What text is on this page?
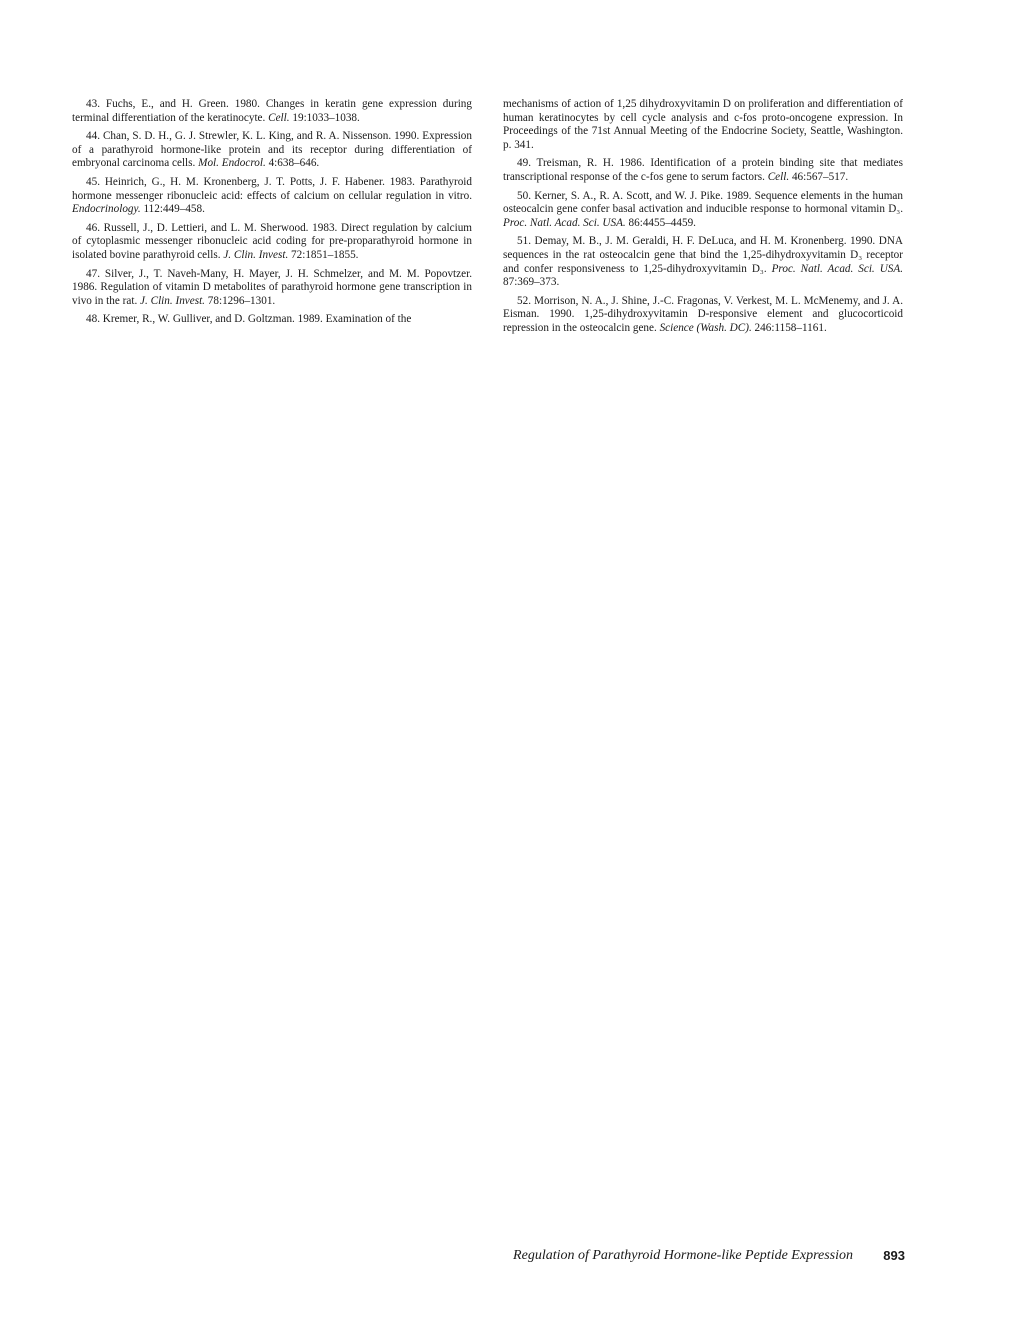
43. Fuchs, E., and H. Green. 1980. Changes in keratin gene expression during terminal differentiation of the keratinocyte. Cell. 19:1033–1038.

44. Chan, S. D. H., G. J. Strewler, K. L. King, and R. A. Nissenson. 1990. Expression of a parathyroid hormone-like protein and its receptor during differentiation of embryonal carcinoma cells. Mol. Endocrol. 4:638–646.

45. Heinrich, G., H. M. Kronenberg, J. T. Potts, J. F. Habener. 1983. Parathyroid hormone messenger ribonucleic acid: effects of calcium on cellular regulation in vitro. Endocrinology. 112:449–458.

46. Russell, J., D. Lettieri, and L. M. Sherwood. 1983. Direct regulation by calcium of cytoplasmic messenger ribonucleic acid coding for pre-proparathyroid hormone in isolated bovine parathyroid cells. J. Clin. Invest. 72:1851–1855.

47. Silver, J., T. Naveh-Many, H. Mayer, J. H. Schmelzer, and M. M. Popovtzer. 1986. Regulation of vitamin D metabolites of parathyroid hormone gene transcription in vivo in the rat. J. Clin. Invest. 78:1296–1301.

48. Kremer, R., W. Gulliver, and D. Goltzman. 1989. Examination of the

mechanisms of action of 1,25 dihydroxyvitamin D on proliferation and differentiation of human keratinocytes by cell cycle analysis and c-fos proto-oncogene expression. In Proceedings of the 71st Annual Meeting of the Endocrine Society, Seattle, Washington. p. 341.

49. Treisman, R. H. 1986. Identification of a protein binding site that mediates transcriptional response of the c-fos gene to serum factors. Cell. 46:567–517.

50. Kerner, S. A., R. A. Scott, and W. J. Pike. 1989. Sequence elements in the human osteocalcin gene confer basal activation and inducible response to hormonal vitamin D₃. Proc. Natl. Acad. Sci. USA. 86:4455–4459.

51. Demay, M. B., J. M. Geraldi, H. F. DeLuca, and H. M. Kronenberg. 1990. DNA sequences in the rat osteocalcin gene that bind the 1,25-dihydroxyvitamin D₃ receptor and confer responsiveness to 1,25-dihydroxyvitamin D₃. Proc. Natl. Acad. Sci. USA. 87:369–373.

52. Morrison, N. A., J. Shine, J.-C. Fragonas, V. Verkest, M. L. McMenemy, and J. A. Eisman. 1990. 1,25-dihydroxyvitamin D-responsive element and glucocorticoid repression in the osteocalcin gene. Science (Wash. DC). 246:1158–1161.

Regulation of Parathyroid Hormone-like Peptide Expression 893
